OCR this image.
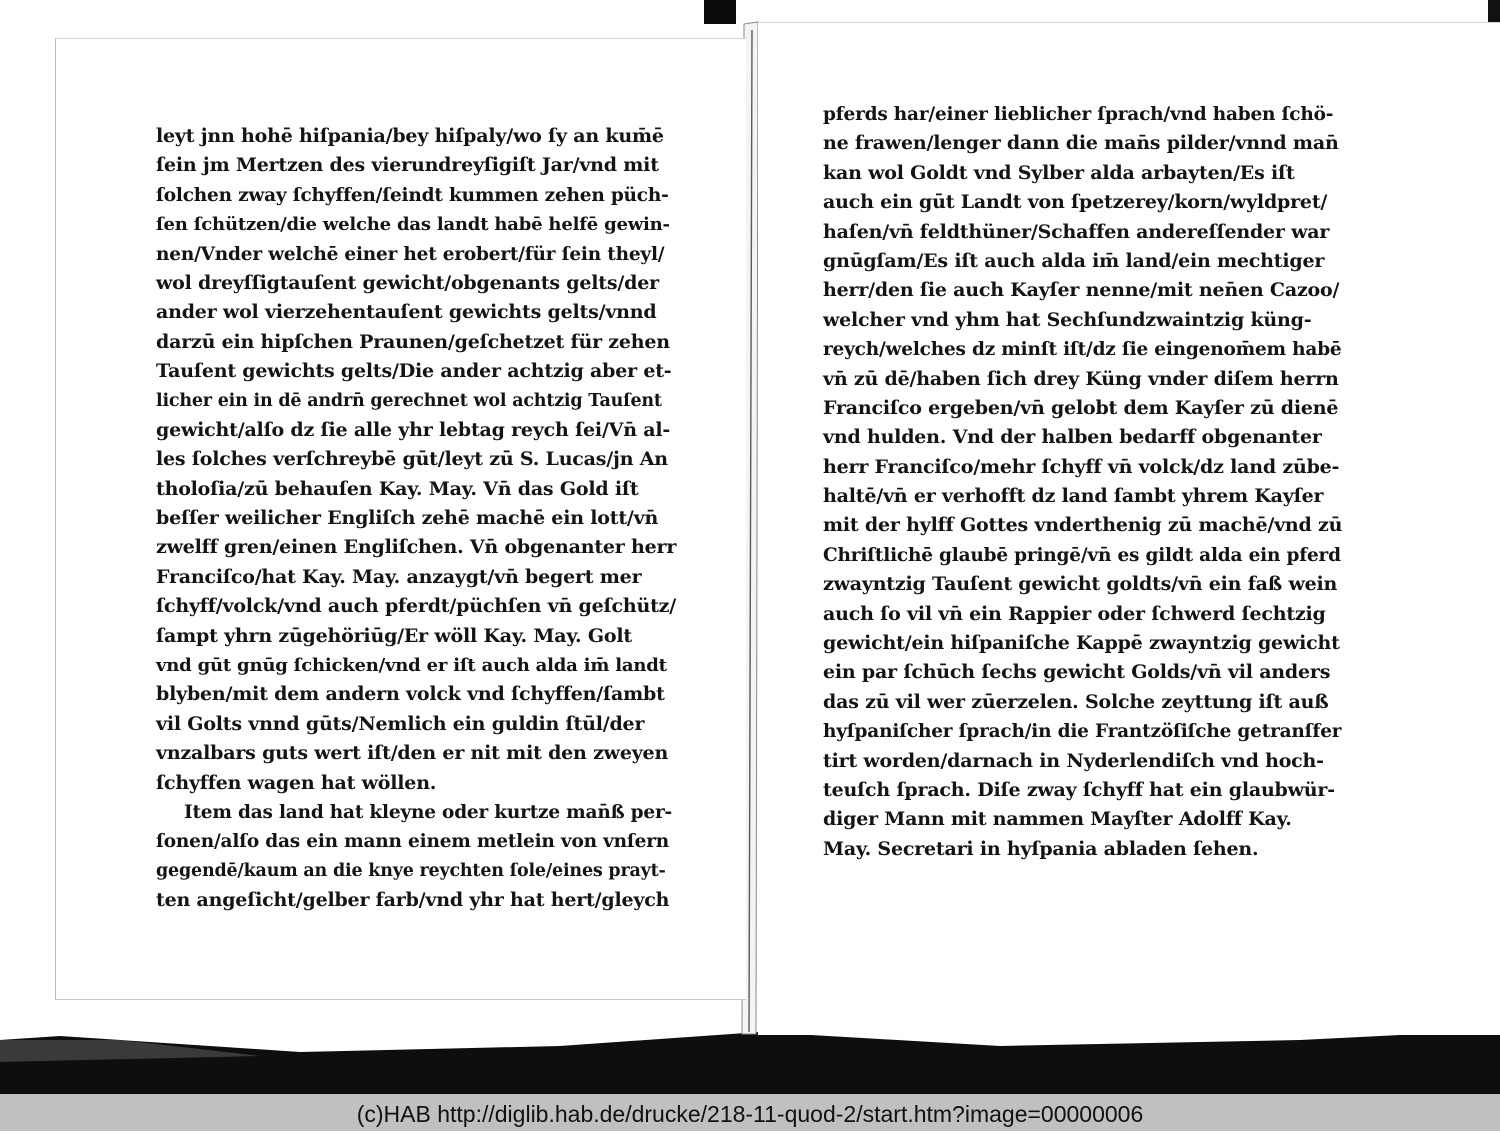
leyt jnn hohē hiſpania/bey hiſpaly/wo ſy an kum̄ē
ſein jm Mertzen des vierundreyſigiſt Jar/vnd mit
ſolchen zway ſchyffen/ſeindt kummen zehen püch-
ſen ſchützen/die welche das landt habē helfē gewin-
nen/Vnder welchē einer het erobert/für ſein theyl/
wol dreyſſigtauſent gewicht/obgenants gelts/der
ander wol vierzehentauſent gewichts gelts/vnnd
darzū ein hipſchen Praunen/geſchetzet für zehen
Tauſent gewichts gelts/Die ander achtzig aber et-
licher ein in dē andrn̄ gerechnet wol achtzig Tauſent
gewicht/alſo dz ſie alle yhr lebtag reych ſei/Vn̄ al-
les ſolches verſchreybē gūt/leyt zū S. Lucas/jn An
tholoſia/zū behauſen Kay. May. Vn̄ das Gold iſt
beſſer weilicher Engliſch zehē machē ein lott/vn̄
zwelff gren/einen Engliſchen. Vn̄ obgenanter herr
Franciſco/hat Kay. May. anzaygt/vn̄ begert mer
ſchyff/volck/vnd auch pferdt/püchſen vn̄ geſchütz/
ſampt yhrn zūgehöriūg/Er wöll Kay. May. Golt
vnd gūt gnūg ſchicken/vnd er iſt auch alda im̄ landt
blyben/mit dem andern volck vnd ſchyffen/ſambt
vil Golts vnnd gūts/Nemlich ein guldin ſtūl/der
vnzalbars guts wert iſt/den er nit mit den zweyen
ſchyffen wagen hat wöllen.
Item das land hat kleyne oder kurtze man̄ß per-
ſonen/alſo das ein mann einem metlein von vnſern
gegendē/kaum an die knye reychten ſole/eines prayt-
ten angeſicht/gelber farb/vnd yhr hat hert/gleych
pferds har/einer lieblicher ſprach/vnd haben ſchö-
ne frawen/lenger dann die man̄s pilder/vnnd man̄
kan wol Goldt vnd Sylber alda arbayten/Es iſt
auch ein gūt Landt von ſpetzerey/korn/wyldpret/
haſen/vn̄ feldthüner/Schaffen andereſſender war
gnūgſam/Es iſt auch alda im̄ land/ein mechtiger
herr/den ſie auch Kayſer nenne/mit nen̄en Cazoo/
welcher vnd yhm hat Sechſundzwaintzig küng-
reych/welches dz minſt iſt/dz ſie eingenom̄em habē
vn̄ zū dē/haben ſich drey Küng vnder diſem herrn
Franciſco ergeben/vn̄ gelobt dem Kayſer zū dienē
vnd hulden. Vnd der halben bedarff obgenanter
herr Franciſco/mehr ſchyff vn̄ volck/dz land zūbe-
haltē/vn̄ er verhofft dz land ſambt yhrem Kayſer
mit der hylff Gottes vnderthenig zū machē/vnd zū
Chriſtlichē glaubē pringē/vn̄ es gildt alda ein pferd
zwayntzig Tauſent gewicht goldts/vn̄ ein faß wein
auch ſo vil vn̄ ein Rappier oder ſchwerd ſechtzig
gewicht/ein hiſpaniſche Kappē zwayntzig gewicht
ein par ſchūch ſechs gewicht Golds/vn̄ vil anders
das zū vil wer zūerzelen. Solche zeyttung iſt auß
hyſpaniſcher ſprach/in die Frantzöſiſche getranſfer
tirt worden/darnach in Nyderlendiſch vnd hoch-
teuſch ſprach. Diſe zway ſchyff hat ein glaubwür-
diger Mann mit nammen Mayſter Adolff Kay.
May. Secretari in hyſpania abladen ſehen.
(c)HAB http://diglib.hab.de/drucke/218-11-quod-2/start.htm?image=00000006
